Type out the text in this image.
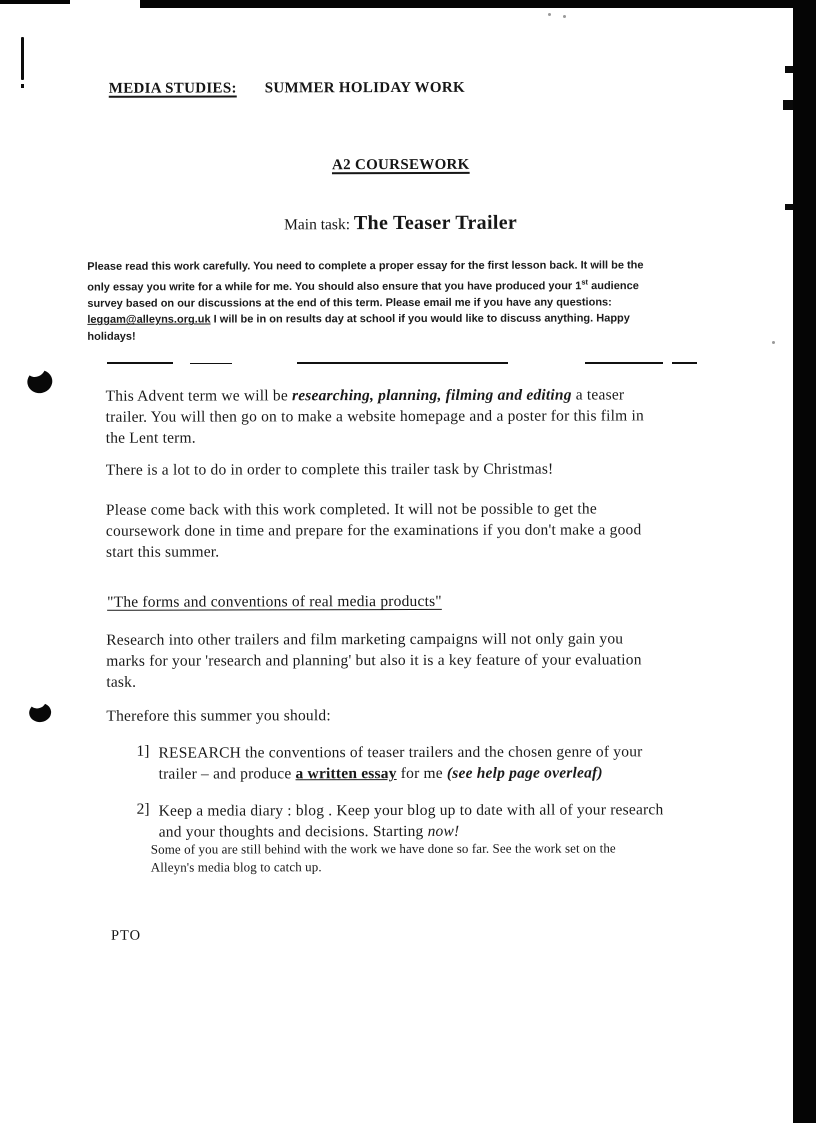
MEDIA STUDIES: SUMMER HOLIDAY WORK
A2 COURSEWORK
Main task: The Teaser Trailer
Please read this work carefully. You need to complete a proper essay for the first lesson back. It will be the
only essay you write for a while for me. You should also ensure that you have produced your 1st audience
survey based on our discussions at the end of this term. Please email me if you have any questions:
leggam@alleyns.org.uk I will be in on results day at school if you would like to discuss anything. Happy
holidays!
This Advent term we will be researching, planning, filming and editing a teaser
trailer. You will then go on to make a website homepage and a poster for this film in
the Lent term.
There is a lot to do in order to complete this trailer task by Christmas!
Please come back with this work completed. It will not be possible to get the
coursework done in time and prepare for the examinations if you don't make a good
start this summer.
"The forms and conventions of real media products"
Research into other trailers and film marketing campaigns will not only gain you
marks for your 'research and planning' but also it is a key feature of your evaluation
task.
Therefore this summer you should:
1] RESEARCH the conventions of teaser trailers and the chosen genre of your
trailer – and produce a written essay for me (see help page overleaf)
2] Keep a media diary : blog . Keep your blog up to date with all of your research
and your thoughts and decisions. Starting now!
Some of you are still behind with the work we have done so far. See the work set on the
Alleyn's media blog to catch up.
PTO
